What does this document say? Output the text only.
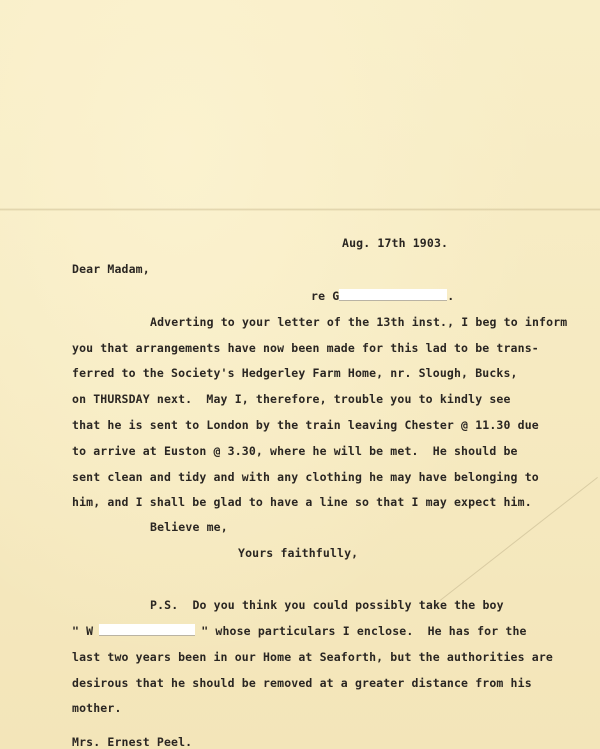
Aug. 17th 1903.
Dear Madam,
re G	.
Adverting to your letter of the 13th inst., I beg to inform
you that arrangements have now been made for this lad to be trans-
ferred to the Society's Hedgerley Farm Home, nr. Slough, Bucks,
on THURSDAY next.  May I, therefore, trouble you to kindly see
that he is sent to London by the train leaving Chester @ 11.30 due
to arrive at Euston @ 3.30, where he will be met.  He should be
sent clean and tidy and with any clothing he may have belonging to
him, and I shall be glad to have a line so that I may expect him.
Believe me,
Yours faithfully,
P.S.  Do you think you could possibly take the boy
" W	" whose particulars I enclose.  He has for the
last two years been in our Home at Seaforth, but the authorities are
desirous that he should be removed at a greater distance from his
mother.
Mrs. Ernest Peel.
